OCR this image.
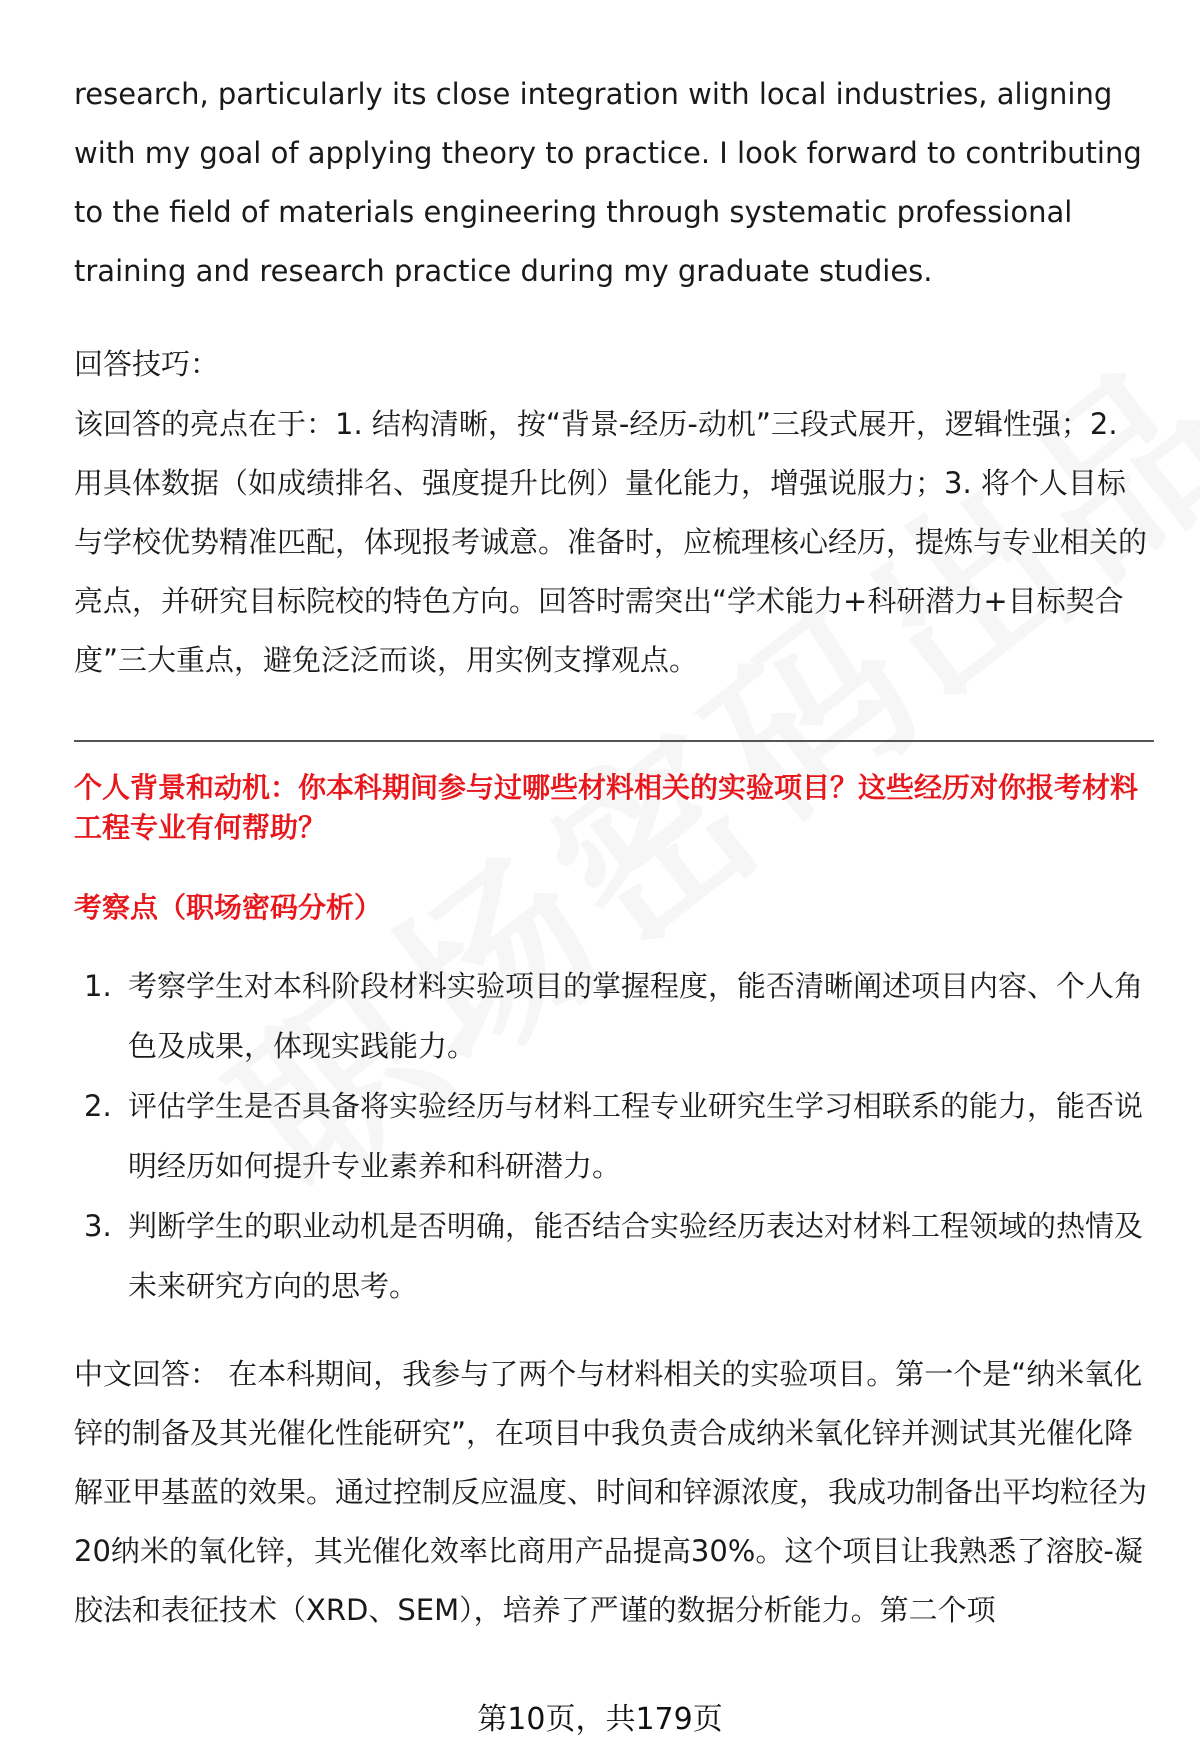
research, particularly its close integration with local industries, aligning with my goal of applying theory to practice. I look forward to contributing to the field of materials engineering through systematic professional training and research practice during my graduate studies.

回答技巧：

该回答的亮点在于：1. 结构清晰，按“背景-经历-动机”三段式展开，逻辑性强；2. 用具体数据（如成绩排名、强度提升比例）量化能力，增强说服力；3. 将个人目标与学校优势精准匹配，体现报考诚意。准备时，应梳理核心经历，提炼与专业相关的亮点，并研究目标院校的特色方向。回答时需突出“学术能力+科研潜力+目标契合度”三大重点，避免泛泛而谈，用实例支撑观点。

个人背景和动机：你本科期间参与过哪些材料相关的实验项目？这些经历对你报考材料工程专业有何帮助？
考察点（职场密码分析）
1. 考察学生对本科阶段材料实验项目的掌握程度，能否清晰阐述项目内容、个人角色及成果，体现实践能力。
2. 评估学生是否具备将实验经历与材料工程专业研究生学习相联系的能力，能否说明经历如何提升专业素养和科研潜力。
3. 判断学生的职业动机是否明确，能否结合实验经历表达对材料工程领域的热情及未来研究方向的思考。

中文回答： 在本科期间，我参与了两个与材料相关的实验项目。第一个是“纳米氧化锌的制备及其光催化性能研究”，在项目中我负责合成纳米氧化锌并测试其光催化降解亚甲基蓝的效果。通过控制反应温度、时间和锌源浓度，我成功制备出平均粒径为20纳米的氧化锌，其光催化效率比商用产品提高30%。这个项目让我熟悉了溶胶-凝胶法和表征技术（XRD、SEM），培养了严谨的数据分析能力。第二个项

第10页，共179页
